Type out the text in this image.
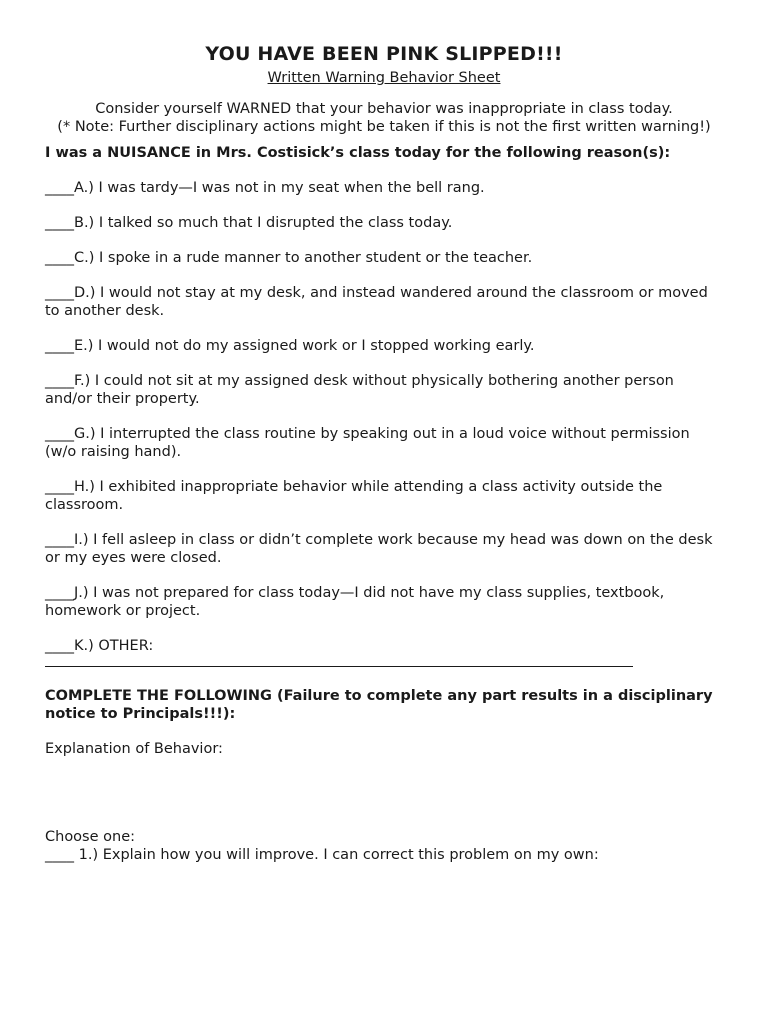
YOU HAVE BEEN PINK SLIPPED!!!
Written Warning Behavior Sheet

Consider yourself WARNED that your behavior was inappropriate in class today.

(* Note: Further disciplinary actions might be taken if this is not the first written warning!)

I was a NUISANCE in Mrs. Costisick’s class today for the following reason(s):
____A.) I was tardy—I was not in my seat when the bell rang.
____B.) I talked so much that I disrupted the class today.
____C.) I spoke in a rude manner to another student or the teacher.
____D.) I would not stay at my desk, and instead wandered around the classroom or moved to another desk.
____E.) I would not do my assigned work or I stopped working early.
____F.) I could not sit at my assigned desk without physically bothering another person and/or their property.
____G.) I interrupted the class routine by speaking out in a loud voice without permission (w/o raising hand).
____H.) I exhibited inappropriate behavior while attending a class activity outside the classroom.
____I.) I fell asleep in class or didn’t complete work because my head was down on the desk or my eyes were closed.
____J.) I was not prepared for class today—I did not have my class supplies, textbook, homework or project.
____K.) OTHER:
COMPLETE THE FOLLOWING (Failure to complete any part results in a disciplinary notice to Principals!!!):
Explanation of Behavior:
Choose one:
____ 1.) Explain how you will improve. I can correct this problem on my own:
